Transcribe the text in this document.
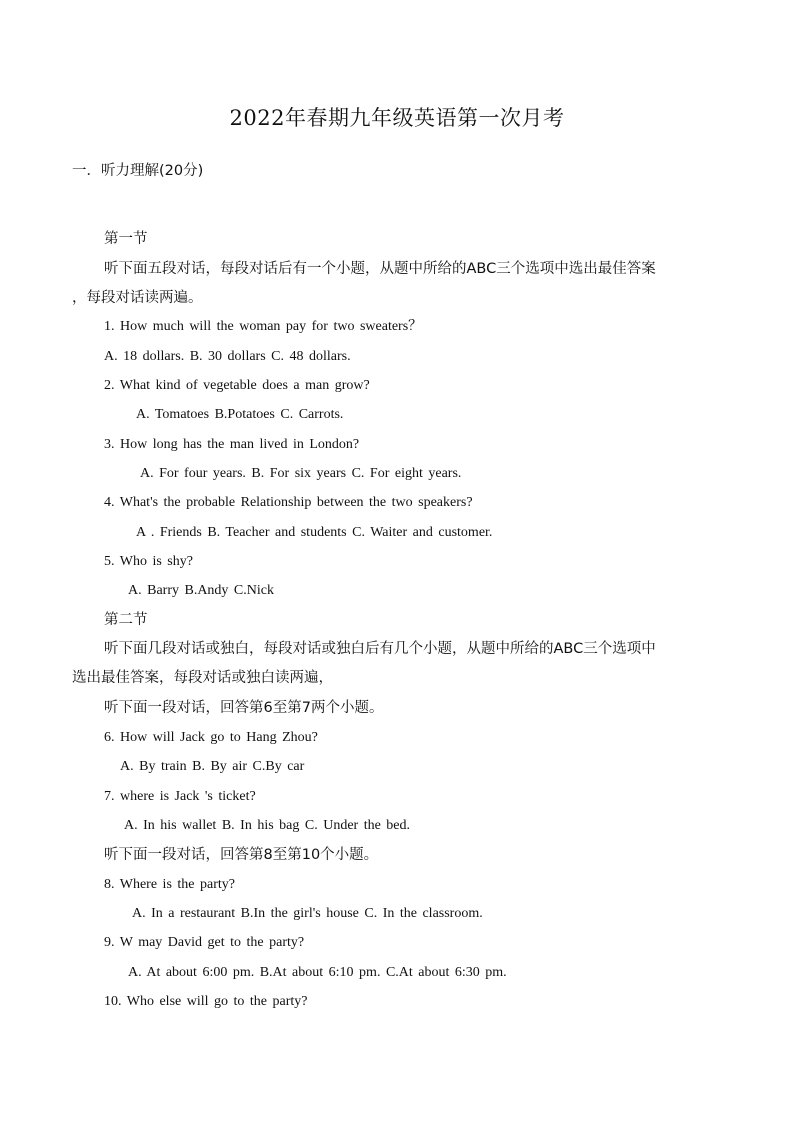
2022年春期九年级英语第一次月考
一．听力理解(20分)
第一节
听下面五段对话，每段对话后有一个小题，从题中所给的ABC三个选项中选出最佳答案
，每段对话读两遍。
1. How much will the woman pay for two sweaters？
A. 18 dollars. B. 30 dollars C. 48 dollars.
2. What kind of vegetable does a man grow?
A. Tomatoes B.Potatoes C. Carrots.
3. How long has the man lived in London?
A. For four years. B. For six years C. For eight years.
4. What's the probable Relationship between the two speakers?
A . Friends B. Teacher and students C. Waiter and customer.
5. Who is shy?
A. Barry B.Andy C.Nick
第二节
听下面几段对话或独白，每段对话或独白后有几个小题，从题中所给的ABC三个选项中
选出最佳答案，每段对话或独白读两遍，
听下面一段对话，回答第6至第7两个小题。
6. How will Jack go to Hang Zhou?
A. By train B. By air C.By car
7. where is Jack 's ticket?
A. In his wallet B. In his bag C. Under the bed.
听下面一段对话，回答第8至第10个小题。
8. Where is the party?
A. In a restaurant B.In the girl's house C. In the classroom.
9. W may David get to the party?
A. At about 6:00 pm. B.At about 6:10 pm. C.At about 6:30 pm.
10. Who else will go to the party?
